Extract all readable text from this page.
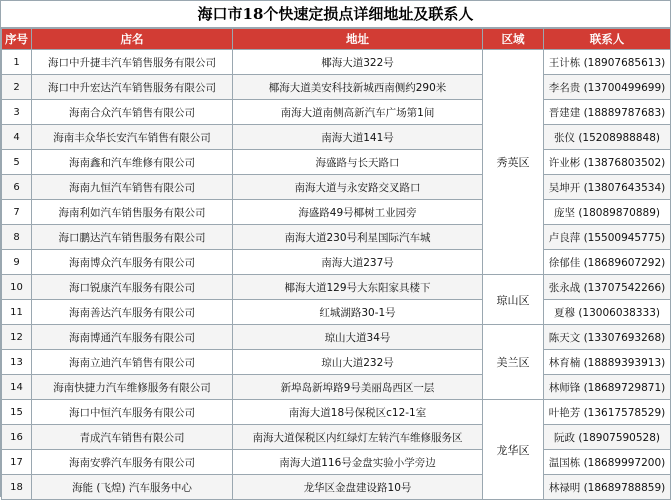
海口市18个快速定损点详细地址及联系人
序号	店名	地址	区域	联系人
1	海口中升捷丰汽车销售服务有限公司	椰海大道322号	秀英区	王计栋 (18907685613)
2	海口中升宏达汽车销售服务有限公司	椰海大道美安科技新城西南侧约290米		李名贵 (13700499699)
3	海南合众汽车销售有限公司	南海大道南侧高新汽车广场第1间		晋建建 (18889787683)
4	海南丰众华长安汽车销售有限公司	南海大道141号		张仪 (15208988848)
5	海南鑫和汽车维修有限公司	海盛路与长天路口		许业彬 (13876803502)
6	海南九恒汽车销售有限公司	南海大道与永安路交叉路口		吴坤开 (13807643534)
7	海南利如汽车销售服务有限公司	海盛路49号椰树工业园旁		庞坚 (18089870889)
8	海口鹏达汽车销售服务有限公司	南海大道230号利星国际汽车城		卢良萍 (15500945775)
9	海南博众汽车服务有限公司	南海大道237号		徐郁佳 (18689607292)
10	海口锐康汽车服务有限公司	椰海大道129号大东阳家具楼下	琼山区	张永战 (13707542266)
11	海南善达汽车服务有限公司	红城湖路30-1号		夏穆 (13006038333)
12	海南博通汽车服务有限公司	琼山大道34号	美兰区	陈天文 (13307693268)
13	海南立迪汽车销售有限公司	琼山大道232号		林育楠 (18889393913)
14	海南快捷力汽车维修服务有限公司	新埠岛新埠路9号美丽岛西区一层		林师锋 (18689729871)
15	海口中恒汽车服务有限公司	南海大道18号保税区c12-1室	龙华区	叶艳芳 (13617578529)
16	青成汽车销售有限公司	南海大道保税区内红绿灯左转汽车维修服务区		阮政 (18907590528)
17	海南安骅汽车服务有限公司	南海大道116号金盘实验小学旁边		温国栋 (18689997200)
18	海能 (飞煌) 汽车服务中心	龙华区金盘建设路10号		林禄明 (18689788859)
